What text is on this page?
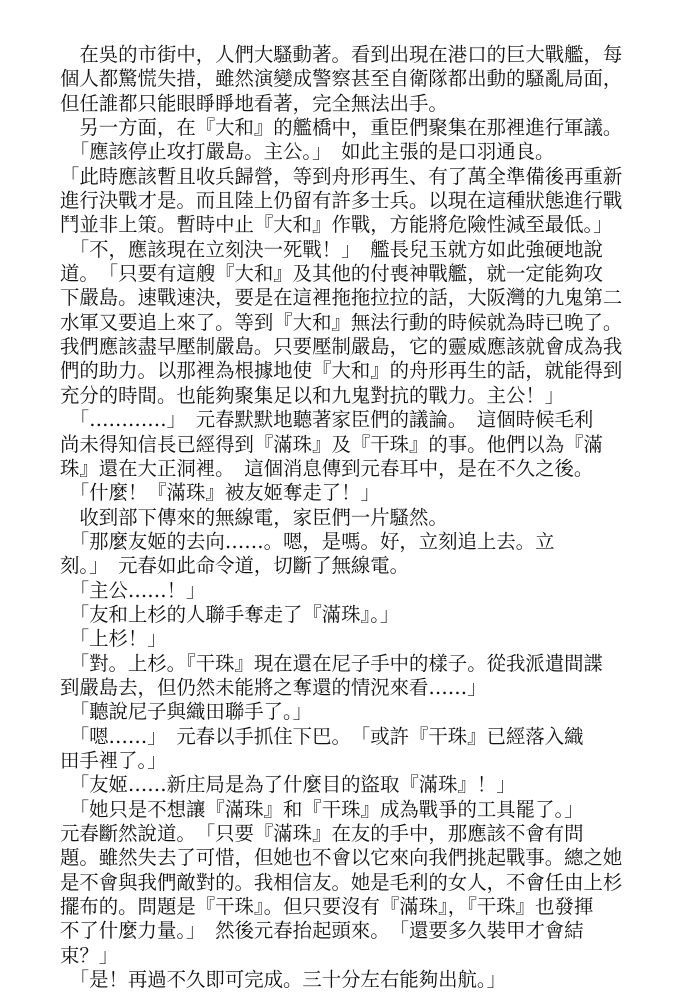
　在吳的市街中，人們大騷動著。看到出現在港口的巨大戰艦，每
個人都驚慌失措，雖然演變成警察甚至自衛隊都出動的騷亂局面，
但任誰都只能眼睜睜地看著，完全無法出手。
　另一方面，在『大和』的艦橋中，重臣們聚集在那裡進行軍議。
　「應該停止攻打嚴島。主公。」　如此主張的是口羽通良。
「此時應該暫且收兵歸營，等到舟形再生、有了萬全準備後再重新
進行決戰才是。而且陸上仍留有許多士兵。以現在這種狀態進行戰
鬥並非上策。暫時中止『大和』作戰，方能將危險性減至最低。」
　「不，應該現在立刻決一死戰！」　艦長兒玉就方如此強硬地說
道。　「只要有這艘『大和』及其他的付喪神戰艦，就一定能夠攻
下嚴島。速戰速決，要是在這裡拖拖拉拉的話，大阪灣的九鬼第二
水軍又要追上來了。等到『大和』無法行動的時候就為時已晚了。
我們應該盡早壓制嚴島。只要壓制嚴島，它的靈威應該就會成為我
們的助力。以那裡為根據地使『大和』的舟形再生的話，就能得到
充分的時間。也能夠聚集足以和九鬼對抗的戰力。主公！」
　「…………」　元春默默地聽著家臣們的議論。　這個時候毛利
尚未得知信長已經得到『滿珠』及『干珠』的事。他們以為『滿
珠』還在大正洞裡。　這個消息傳到元春耳中，是在不久之後。
　「什麼！『滿珠』被友姬奪走了！」
　收到部下傳來的無線電，家臣們一片騷然。
　「那麼友姬的去向……。嗯，是嗎。好，立刻追上去。立
刻。」　元春如此命令道，切斷了無線電。
　「主公……！」
　「友和上杉的人聯手奪走了『滿珠』。」
　「上杉！」
　「對。上杉。『干珠』現在還在尼子手中的樣子。從我派遣間諜
到嚴島去，但仍然未能將之奪還的情況來看……」
　「聽說尼子與織田聯手了。」
　「嗯……」　元春以手抓住下巴。　「或許『干珠』已經落入織
田手裡了。」
　「友姬……新庄局是為了什麼目的盜取『滿珠』！」
　「她只是不想讓『滿珠』和『干珠』成為戰爭的工具罷了。」
元春斷然說道。　「只要『滿珠』在友的手中，那應該不會有問
題。雖然失去了可惜，但她也不會以它來向我們挑起戰事。總之她
是不會與我們敵對的。我相信友。她是毛利的女人，不會任由上杉
擺布的。問題是『干珠』。但只要沒有『滿珠』，『干珠』也發揮
不了什麼力量。」　然後元春抬起頭來。　「還要多久裝甲才會結
束？」
　「是！再過不久即可完成。三十分左右能夠出航。」
